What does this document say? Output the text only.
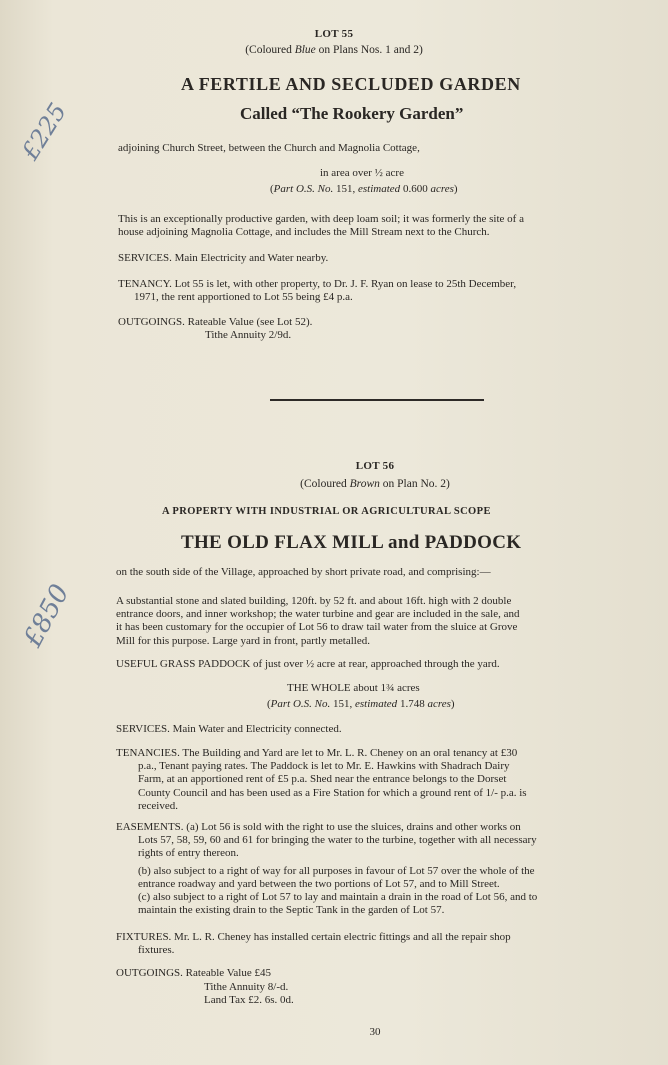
LOT 55
(Coloured Blue on Plans Nos. 1 and 2)
A FERTILE AND SECLUDED GARDEN
Called “The Rookery Garden”
adjoining Church Street, between the Church and Magnolia Cottage,
in area over ½ acre
(Part O.S. No. 151, estimated 0.600 acres)
This is an exceptionally productive garden, with deep loam soil; it was formerly the site of a
house adjoining Magnolia Cottage, and includes the Mill Stream next to the Church.
SERVICES. Main Electricity and Water nearby.
TENANCY. Lot 55 is let, with other property, to Dr. J. F. Ryan on lease to 25th December,
1971, the rent apportioned to Lot 55 being £4 p.a.
OUTGOINGS. Rateable Value (see Lot 52).
Tithe Annuity 2/9d.
£225
LOT 56
(Coloured Brown on Plan No. 2)
A PROPERTY WITH INDUSTRIAL OR AGRICULTURAL SCOPE
THE OLD FLAX MILL and PADDOCK
on the south side of the Village, approached by short private road, and comprising:—
A substantial stone and slated building, 120ft. by 52 ft. and about 16ft. high with 2 double
entrance doors, and inner workshop; the water turbine and gear are included in the sale, and
it has been customary for the occupier of Lot 56 to draw tail water from the sluice at Grove
Mill for this purpose. Large yard in front, partly metalled.
USEFUL GRASS PADDOCK of just over ½ acre at rear, approached through the yard.
THE WHOLE about 1¾ acres
(Part O.S. No. 151, estimated 1.748 acres)
SERVICES. Main Water and Electricity connected.
TENANCIES. The Building and Yard are let to Mr. L. R. Cheney on an oral tenancy at £30
p.a., Tenant paying rates. The Paddock is let to Mr. E. Hawkins with Shadrach Dairy
Farm, at an apportioned rent of £5 p.a. Shed near the entrance belongs to the Dorset
County Council and has been used as a Fire Station for which a ground rent of 1/- p.a. is
received.
EASEMENTS. (a) Lot 56 is sold with the right to use the sluices, drains and other works on
Lots 57, 58, 59, 60 and 61 for bringing the water to the turbine, together with all necessary
rights of entry thereon.
(b) also subject to a right of way for all purposes in favour of Lot 57 over the whole of the
entrance roadway and yard between the two portions of Lot 57, and to Mill Street.
(c) also subject to a right of Lot 57 to lay and maintain a drain in the road of Lot 56, and to
maintain the existing drain to the Septic Tank in the garden of Lot 57.
FIXTURES. Mr. L. R. Cheney has installed certain electric fittings and all the repair shop
fixtures.
OUTGOINGS. Rateable Value £45
Tithe Annuity 8/-d.
Land Tax £2. 6s. 0d.
£850
30
